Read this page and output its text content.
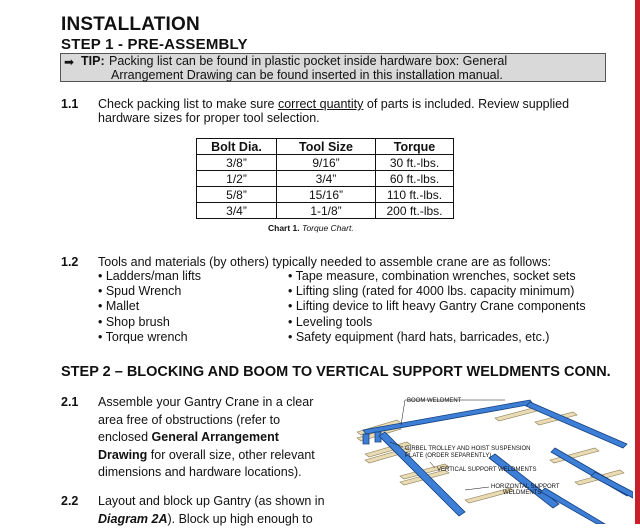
INSTALLATION
STEP 1 - PRE-ASSEMBLY
➡ TIP: Packing list can be found in plastic pocket inside hardware box: General
Arrangement Drawing can be found inserted in this installation manual.
1.1 Check packing list to make sure correct quantity of parts is included. Review supplied
hardware sizes for proper tool selection.
Bolt Dia.	Tool Size	Torque
3/8”	9/16”	30 ft.-lbs.
1/2”	3/4”	60 ft.-lbs.
5/8”	15/16”	110 ft.-lbs.
3/4”	1-1/8”	200 ft.-lbs.
Chart 1. Torque Chart.
1.2 Tools and materials (by others) typically needed to assemble crane are as follows:
• Ladders/man lifts
• Spud Wrench
• Mallet
• Shop brush
• Torque wrench
• Tape measure, combination wrenches, socket sets
• Lifting sling (rated for 4000 lbs. capacity minimum)
• Lifting device to lift heavy Gantry Crane components
• Leveling tools
• Safety equipment (hard hats, barricades, etc.)
STEP 2 – BLOCKING AND BOOM TO VERTICAL SUPPORT WELDMENTS CONN.
2.1 Assemble your Gantry Crane in a clear area free of obstructions (refer to enclosed General Arrangement Drawing for overall size, other relevant dimensions and hardware locations).
2.2 Layout and block up Gantry (as shown in
Diagram 2A). Block up high enough to
BOOM WELDMENT
GIRBEL TROLLEY AND HOIST SUSPENSION
PLATE (ORDER SEPARENTLY)
VERTICAL SUPPORT WELDMENTS
HORIZONTAL SUPPORT
WELDMENTS
